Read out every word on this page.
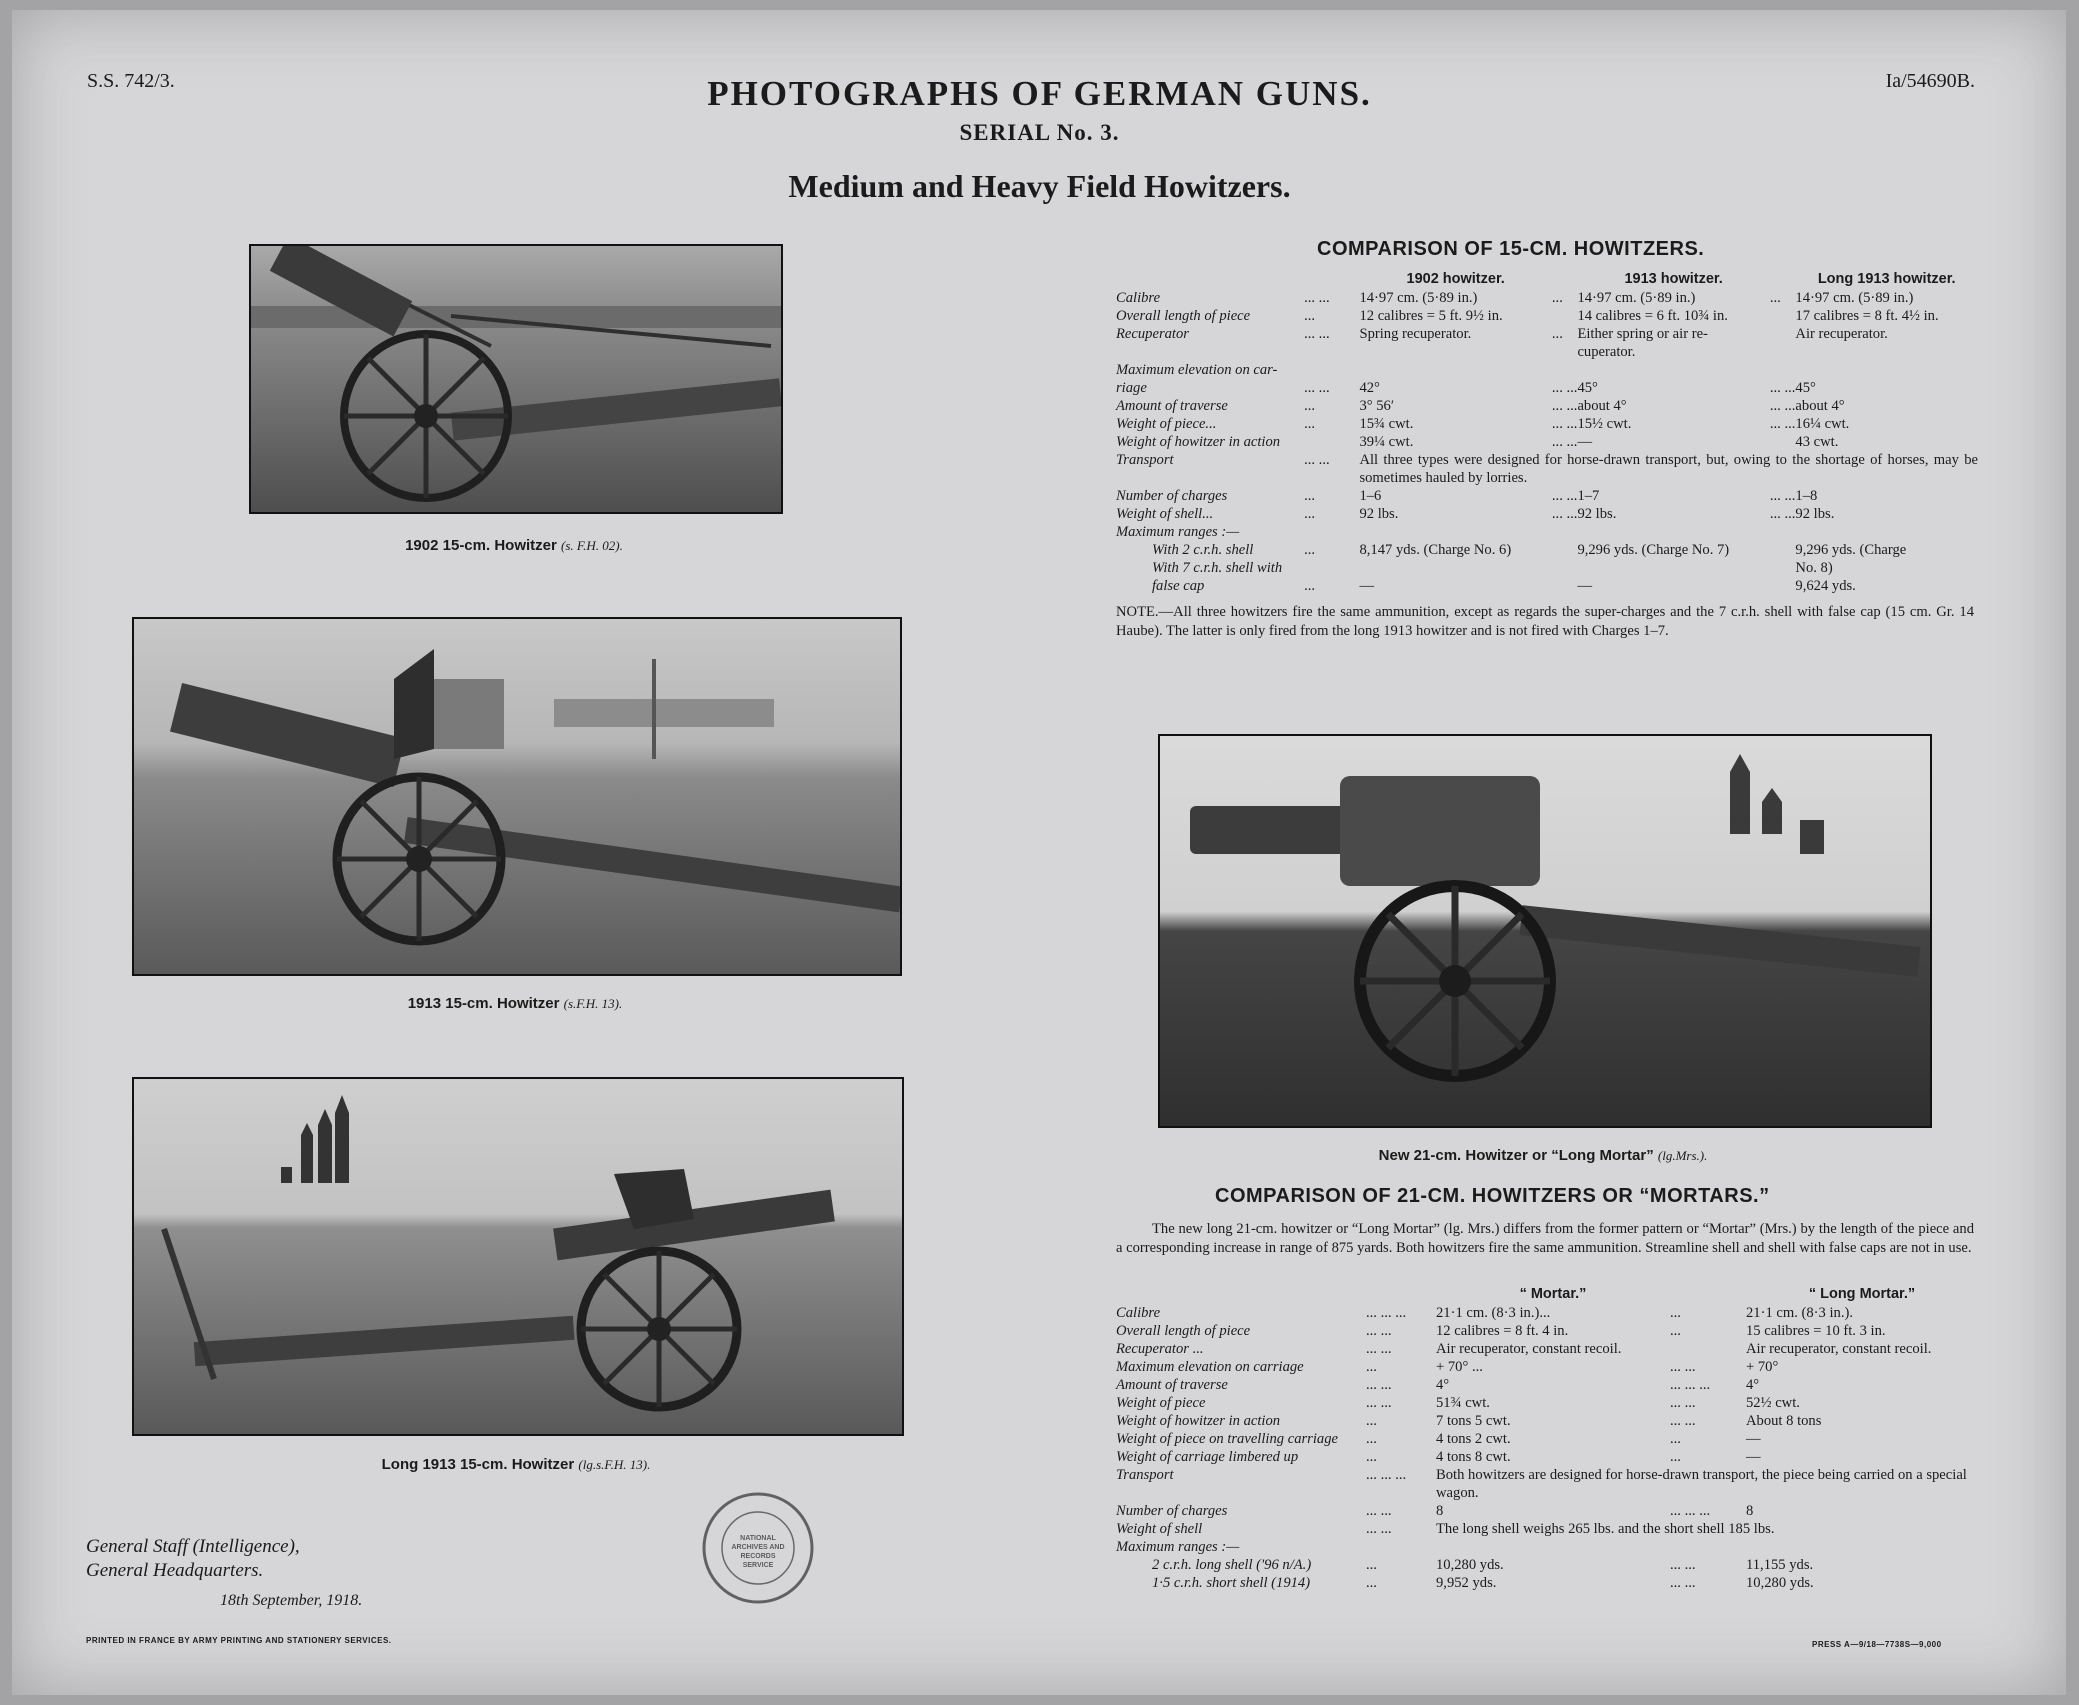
S.S. 742/3.	PHOTOGRAPHS OF GERMAN GUNS.	Ia/54690B.
SERIAL No. 3.
Medium and Heavy Field Howitzers.
1902 15-cm. Howitzer (s. F.H. 02).
1913 15-cm. Howitzer (s.F.H. 13).
Long 1913 15-cm. Howitzer (lg.s.F.H. 13).
New 21-cm. Howitzer or “Long Mortar” (lg.Mrs.).
COMPARISON OF 15-CM. HOWITZERS.
		1902 howitzer.		1913 howitzer.		Long 1913 howitzer.
Calibre	... ...	14·97 cm. (5·89 in.)	...	14·97 cm. (5·89 in.)	...	14·97 cm. (5·89 in.)
Overall length of piece	...	12 calibres = 5 ft. 9½ in.		14 calibres = 6 ft. 10¾ in.		17 calibres = 8 ft. 4½ in.
Recuperator	... ...	Spring recuperator.	...	Either spring or air re-		Air recuperator.
				cuperator.		
Maximum elevation on car-						
riage	... ...	42°	... ...	45°	... ...	45°
Amount of traverse	...	3° 56′	... ...	about 4°	... ...	about 4°
Weight of piece...	...	15¾ cwt.	... ...	15½ cwt.	... ...	16¼ cwt.
Weight of howitzer in action		39¼ cwt.	... ...	—		43 cwt.
Transport	... ...	All three types were designed for horse-drawn transport, but, owing to the shortage of horses, may be sometimes hauled by lorries.				
Number of charges	...	1–6	... ...	1–7	... ...	1–8
Weight of shell...	...	92 lbs.	... ...	92 lbs.	... ...	92 lbs.
Maximum ranges :—						
With 2 c.r.h. shell	...	8,147 yds. (Charge No. 6)		9,296 yds. (Charge No. 7)		9,296 yds. (Charge
With 7 c.r.h. shell with						No. 8)
false cap	...	—		—		9,624 yds.
NOTE.—All three howitzers fire the same ammunition, except as regards the super-charges and the 7 c.r.h. shell with false cap (15 cm. Gr. 14 Haube). The latter is only fired from the long 1913 howitzer and is not fired with Charges 1–7.
COMPARISON OF 21-CM. HOWITZERS OR “MORTARS.”
The new long 21-cm. howitzer or “Long Mortar” (lg. Mrs.) differs from the former pattern or “Mortar” (Mrs.) by the length of the piece and a corresponding increase in range of 875 yards. Both howitzers fire the same ammunition. Streamline shell and shell with false caps are not in use.
		“ Mortar.”		“ Long Mortar.”
Calibre	... ... ...	21·1 cm. (8·3 in.)...	...	21·1 cm. (8·3 in.).
Overall length of piece	... ...	12 calibres = 8 ft. 4 in.	...	15 calibres = 10 ft. 3 in.
Recuperator ...	... ...	Air recuperator, constant recoil.		Air recuperator, constant recoil.
Maximum elevation on carriage	...	+ 70° ...	... ...	+ 70°
Amount of traverse	... ...	4°	... ... ...	4°
Weight of piece	... ...	51¾ cwt.	... ...	52½ cwt.
Weight of howitzer in action	...	7 tons 5 cwt.	... ...	About 8 tons
Weight of piece on travelling carriage	...	4 tons 2 cwt.	...	—
Weight of carriage limbered up	...	4 tons 8 cwt.	...	—
Transport	... ... ...	Both howitzers are designed for horse-drawn transport, the piece being carried on a special wagon.		
Number of charges	... ...	8	... ... ...	8
Weight of shell	... ...	The long shell weighs 265 lbs. and the short shell 185 lbs.		
Maximum ranges :—				
2 c.r.h. long shell ('96 n/A.)	...	10,280 yds.	... ...	11,155 yds.
1·5 c.r.h. short shell (1914)	...	9,952 yds.	... ...	10,280 yds.
General Staff (Intelligence),
General Headquarters.
18th September, 1918.
NATIONAL
ARCHIVES AND
RECORDS
SERVICE
PRINTED IN FRANCE BY ARMY PRINTING AND STATIONERY SERVICES.	PRESS A—9/18—7738S—9,000
